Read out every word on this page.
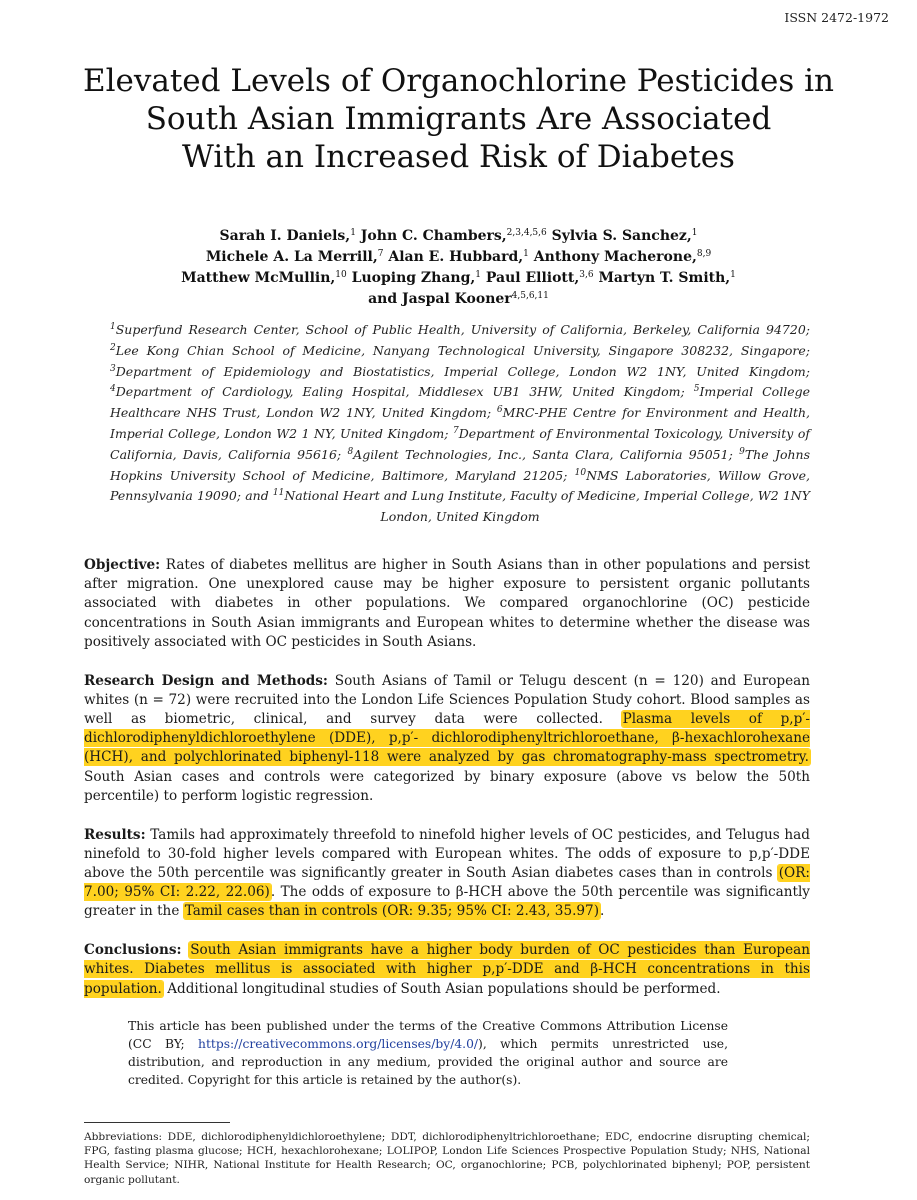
ISSN 2472-1972
Elevated Levels of Organochlorine Pesticides in
South Asian Immigrants Are Associated
With an Increased Risk of Diabetes
Sarah I. Daniels,$^1$ John C. Chambers,$^{2,3,4,5,6}$ Sylvia S. Sanchez,$^1$
Michele A. La Merrill,$^7$ Alan E. Hubbard,$^1$ Anthony Macherone,$^{8,9}$
Matthew McMullin,$^{10}$ Luoping Zhang,$^1$ Paul Elliott,$^{3,6}$ Martyn T. Smith,$^1$
and Jaspal Kooner$^{4,5,6,11}$
$^1$Superfund Research Center, School of Public Health, University of California, Berkeley, California 94720; $^2$Lee Kong Chian School of Medicine, Nanyang Technological University, Singapore 308232, Singapore; $^3$Department of Epidemiology and Biostatistics, Imperial College, London W2 1NY, United Kingdom; $^4$Department of Cardiology, Ealing Hospital, Middlesex UB1 3HW, United Kingdom; $^5$Imperial College Healthcare NHS Trust, London W2 1NY, United Kingdom; $^6$MRC-PHE Centre for Environment and Health, Imperial College, London W2 1 NY, United Kingdom; $^7$Department of Environmental Toxicology, University of California, Davis, California 95616; $^8$Agilent Technologies, Inc., Santa Clara, California 95051; $^9$The Johns Hopkins University School of Medicine, Baltimore, Maryland 21205; $^{10}$NMS Laboratories, Willow Grove, Pennsylvania 19090; and $^{11}$National Heart and Lung Institute, Faculty of Medicine, Imperial College, W2 1NY London, United Kingdom

Objective: Rates of diabetes mellitus are higher in South Asians than in other populations and persist after migration. One unexplored cause may be higher exposure to persistent organic pollutants associated with diabetes in other populations. We compared organochlorine (OC) pesticide concentrations in South Asian immigrants and European whites to determine whether the disease was positively associated with OC pesticides in South Asians.

Research Design and Methods: South Asians of Tamil or Telugu descent (n = 120) and European whites (n = 72) were recruited into the London Life Sciences Population Study cohort. Blood samples as well as biometric, clinical, and survey data were collected. Plasma levels of p,p′-dichlorodiphenyldichloroethylene (DDE), p,p′- dichlorodiphenyltrichloroethane, β-hexachlorohexane (HCH), and polychlorinated biphenyl-118 were analyzed by gas chromatography-mass spectrometry. South Asian cases and controls were categorized by binary exposure (above vs below the 50th percentile) to perform logistic regression.

Results: Tamils had approximately threefold to ninefold higher levels of OC pesticides, and Telugus had ninefold to 30-fold higher levels compared with European whites. The odds of exposure to p,p′-DDE above the 50th percentile was significantly greater in South Asian diabetes cases than in controls (OR: 7.00; 95% CI: 2.22, 22.06). The odds of exposure to β-HCH above the 50th percentile was significantly greater in the Tamil cases than in controls (OR: 9.35; 95% CI: 2.43, 35.97).

Conclusions: South Asian immigrants have a higher body burden of OC pesticides than European whites. Diabetes mellitus is associated with higher p,p′-DDE and β-HCH concentrations in this population. Additional longitudinal studies of South Asian populations should be performed.

This article has been published under the terms of the Creative Commons Attribution License (CC BY; https://creativecommons.org/licenses/by/4.0/), which permits unrestricted use, distribution, and reproduction in any medium, provided the original author and source are credited. Copyright for this article is retained by the author(s).

Abbreviations: DDE, dichlorodiphenyldichloroethylene; DDT, dichlorodiphenyltrichloroethane; EDC, endocrine disrupting chemical; FPG, fasting plasma glucose; HCH, hexachlorohexane; LOLIPOP, London Life Sciences Prospective Population Study; NHS, National Health Service; NIHR, National Institute for Health Research; OC, organochlorine; PCB, polychlorinated biphenyl; POP, persistent organic pollutant.
